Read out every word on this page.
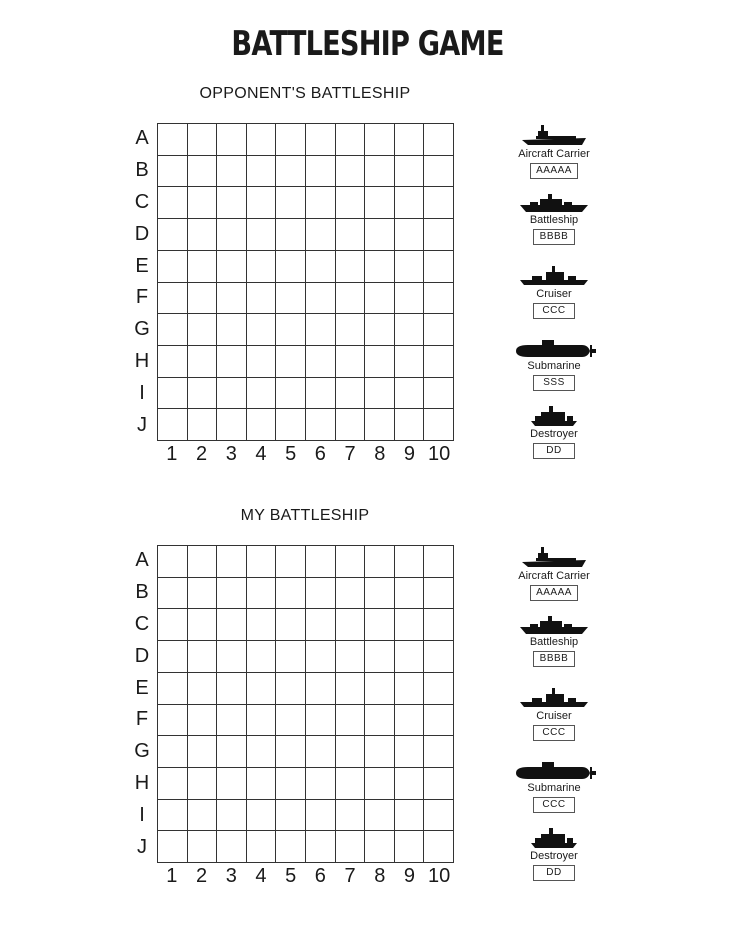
BATTLESHIP GAME
OPPONENT'S BATTLESHIP
A
B
C
D
E
F
G
H
I
J
1 2 3 4 5 6 7 8 9 10
Aircraft Carrier
AAAAA
Battleship
BBBB
Cruiser
CCC
Submarine
SSS
Destroyer
DD
MY BATTLESHIP
A
B
C
D
E
F
G
H
I
J
1 2 3 4 5 6 7 8 9 10
Aircraft Carrier
AAAAA
Battleship
BBBB
Cruiser
CCC
Submarine
CCC
Destroyer
DD
